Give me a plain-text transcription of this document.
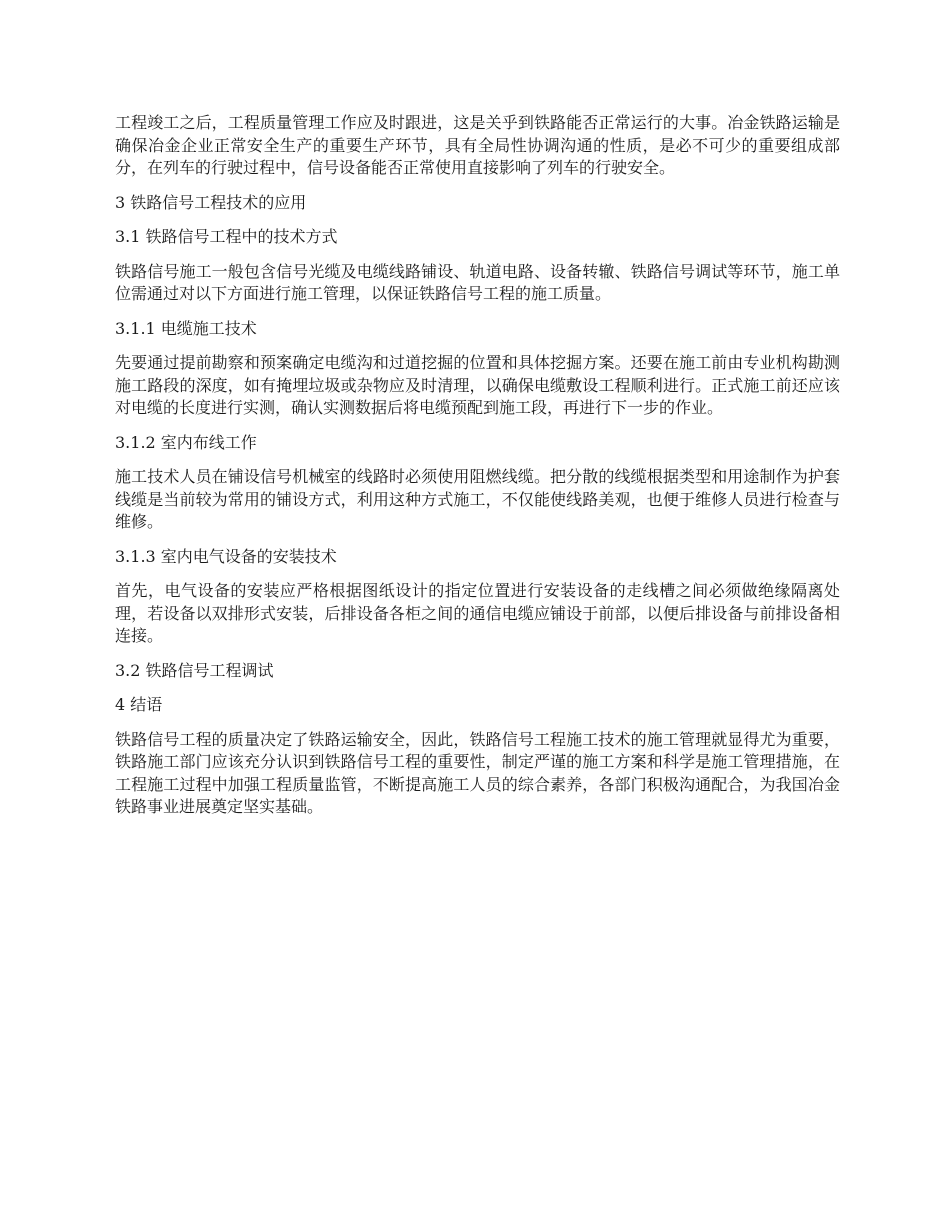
工程竣工之后，工程质量管理工作应及时跟进，这是关乎到铁路能否正常运行的大事。冶金铁路运输是确保冶金企业正常安全生产的重要生产环节，具有全局性协调沟通的性质，是必不可少的重要组成部分，在列车的行驶过程中，信号设备能否正常使用直接影响了列车的行驶安全。

3 铁路信号工程技术的应用
3.1 铁路信号工程中的技术方式

铁路信号施工一般包含信号光缆及电缆线路铺设、轨道电路、设备转辙、铁路信号调试等环节，施工单位需通过对以下方面进行施工管理，以保证铁路信号工程的施工质量。

3.1.1 电缆施工技术

先要通过提前勘察和预案确定电缆沟和过道挖掘的位置和具体挖掘方案。还要在施工前由专业机构勘测施工路段的深度，如有掩埋垃圾或杂物应及时清理，以确保电缆敷设工程顺利进行。正式施工前还应该对电缆的长度进行实测，确认实测数据后将电缆预配到施工段，再进行下一步的作业。

3.1.2 室内布线工作

施工技术人员在铺设信号机械室的线路时必须使用阻燃线缆。把分散的线缆根据类型和用途制作为护套线缆是当前较为常用的铺设方式，利用这种方式施工，不仅能使线路美观，也便于维修人员进行检查与维修。

3.1.3 室内电气设备的安装技术

首先，电气设备的安装应严格根据图纸设计的指定位置进行安装设备的走线槽之间必须做绝缘隔离处理，若设备以双排形式安装，后排设备各柜之间的通信电缆应铺设于前部，以便后排设备与前排设备相连接。

3.2 铁路信号工程调试
4 结语

铁路信号工程的质量决定了铁路运输安全，因此，铁路信号工程施工技术的施工管理就显得尤为重要，铁路施工部门应该充分认识到铁路信号工程的重要性，制定严谨的施工方案和科学是施工管理措施，在工程施工过程中加强工程质量监管，不断提高施工人员的综合素养，各部门积极沟通配合，为我国冶金铁路事业进展奠定坚实基础。
